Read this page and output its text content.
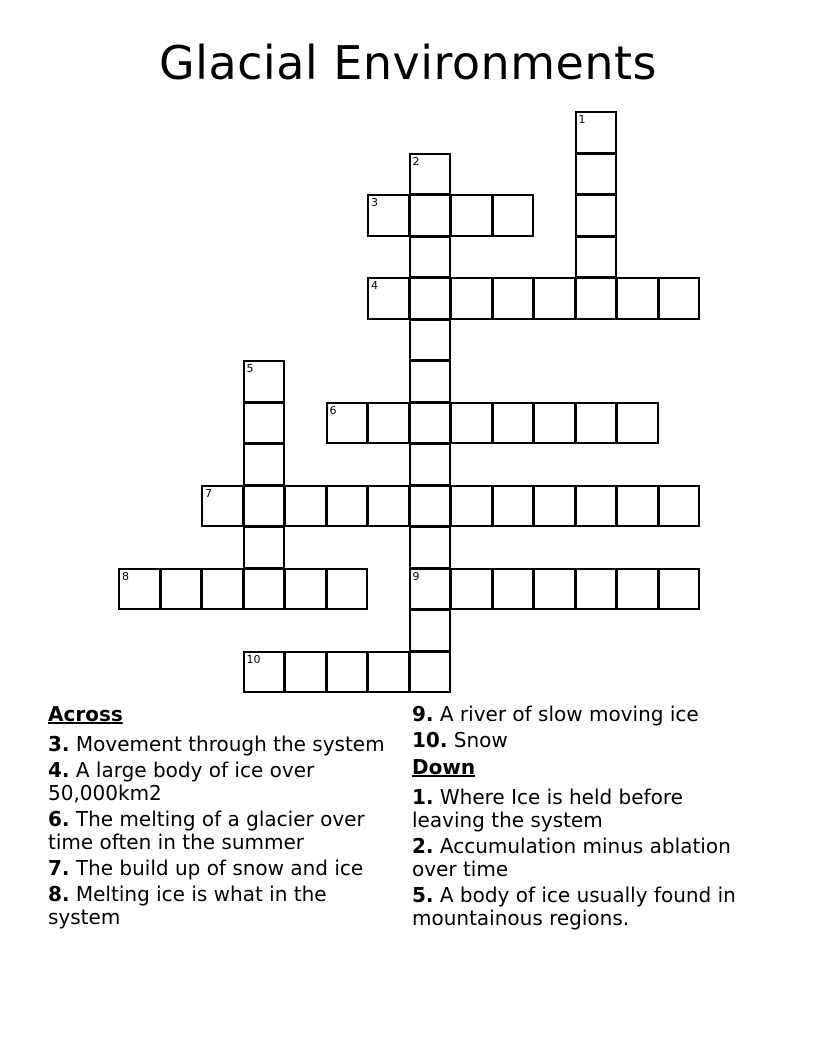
Glacial Environments
1
2
9
3
4
5
6
7
8
10
Across
3. Movement through the system
4. A large body of ice over 50,000km2
6. The melting of a glacier over time often in the summer
7. The build up of snow and ice
8. Melting ice is what in the system
9. A river of slow moving ice
10. Snow
Down
1. Where Ice is held before leaving the system
2. Accumulation minus ablation over time
5. A body of ice usually found in mountainous regions.
